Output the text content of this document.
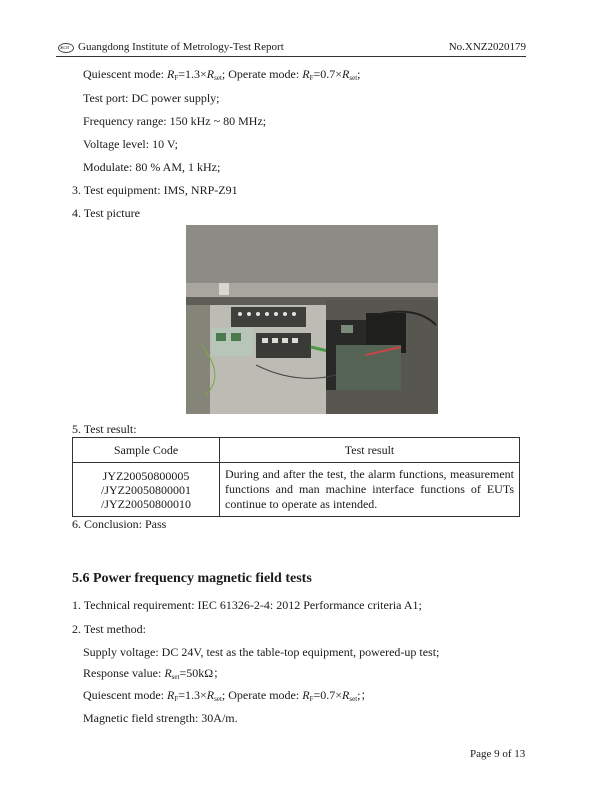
ЖСИ Guangdong Institute of Metrology-Test Report	No.XNZ2020179
Quiescent mode: $R_F=1.3\times R_{set}$; Operate mode: $R_F=0.7\times R_{set}$;
Test port: DC power supply;
Frequency range: 150 kHz ~ 80 MHz;
Voltage level: 10 V;
Modulate: 80 % AM, 1 kHz;
3. Test equipment: IMS, NRP-Z91
4. Test picture
5. Test result:
Sample Code	Test result

JYZ20050800005
/JYZ20050800001
/JYZ20050800010	During and after the test, the alarm functions, measurement functions and man machine interface functions of EUTs continue to operate as intended.
6. Conclusion: Pass
5.6 Power frequency magnetic field tests
1. Technical requirement: IEC 61326-2-4: 2012 Performance criteria A1;
2. Test method:
Supply voltage: DC 24V, test as the table-top equipment, powered-up test;
Response value: $R_{set}=50k\Omega$；
Quiescent mode: $R_F=1.3\times R_{set}$; Operate mode: $R_F=0.7\times R_{set}$;；
Magnetic field strength: 30A/m.
Page 9 of 13
